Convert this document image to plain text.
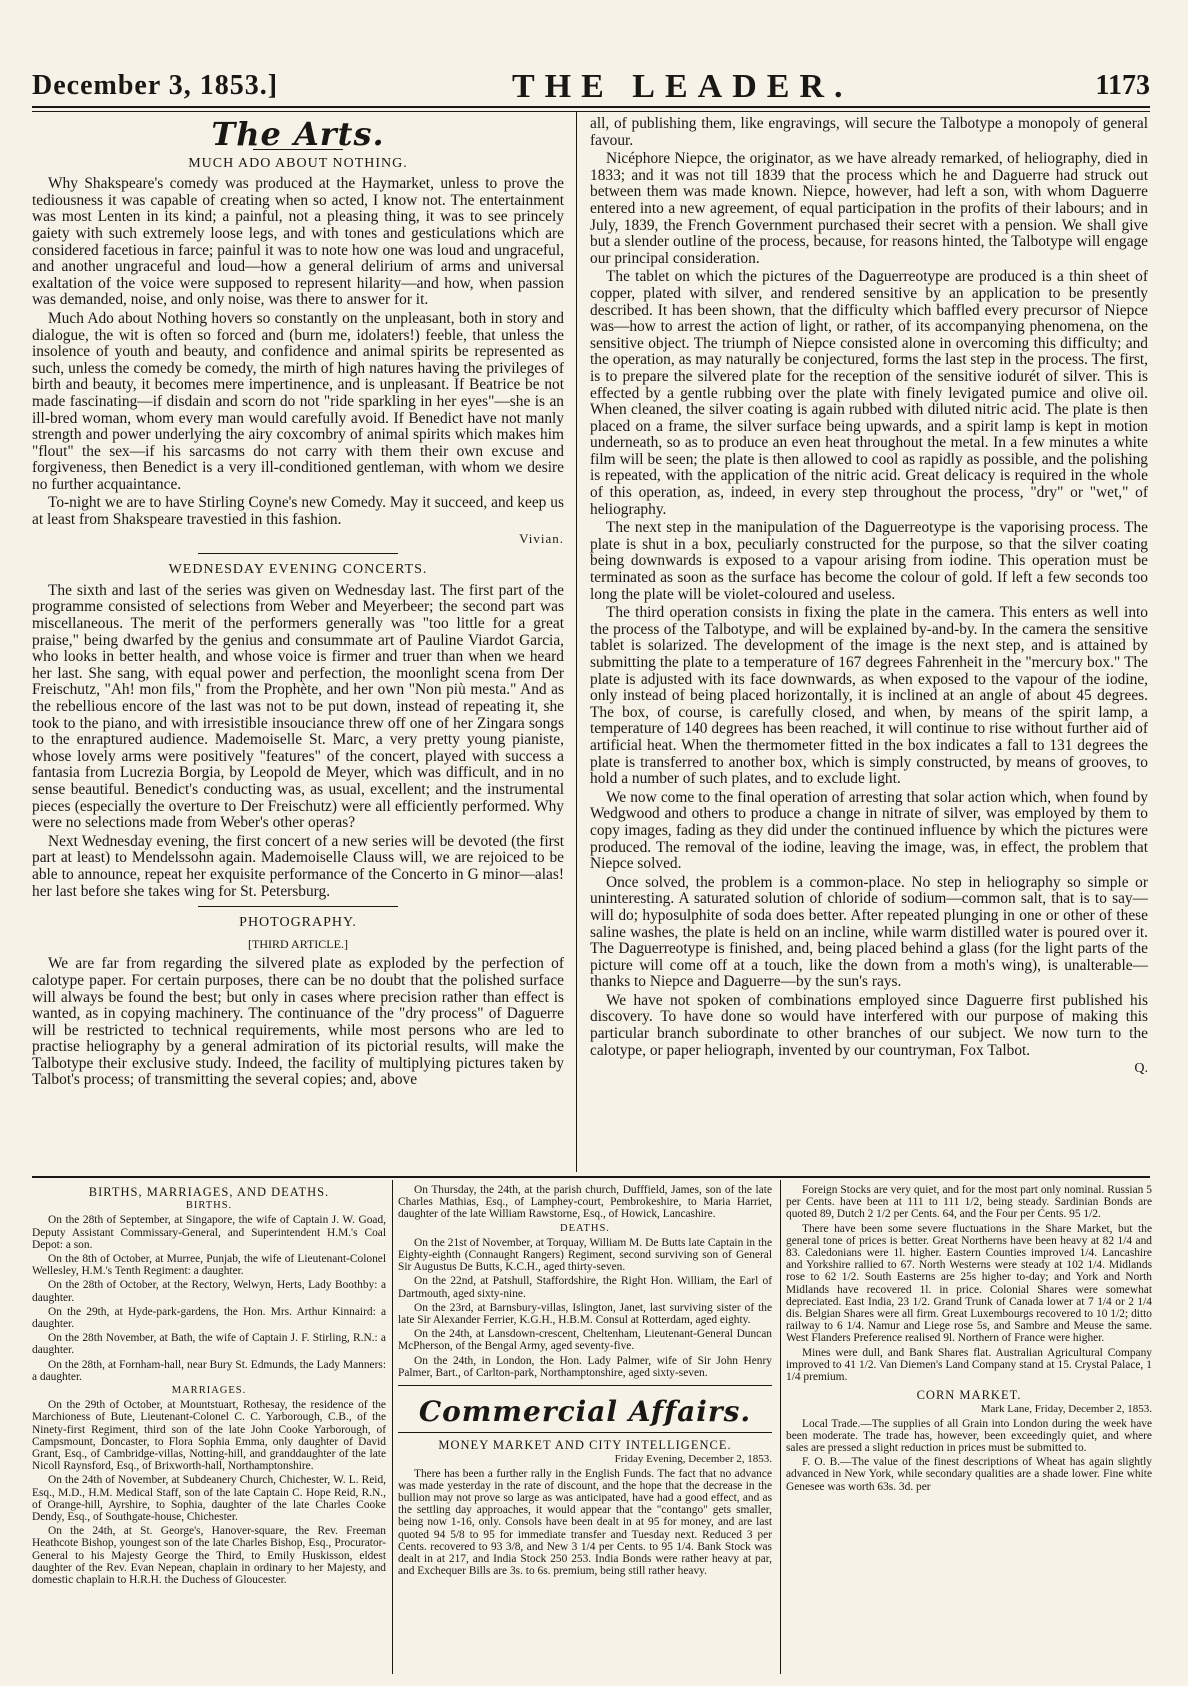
December 3, 1853.]	THE LEADER.	1173
The Arts.
MUCH ADO ABOUT NOTHING.

Why Shakspeare's comedy was produced at the Haymarket, unless to prove the tediousness it was capable of creating when so acted, I know not. The entertainment was most Lenten in its kind; a painful, not a pleasing thing, it was to see princely gaiety with such extremely loose legs, and with tones and gesticulations which are considered facetious in farce; painful it was to note how one was loud and ungraceful, and another ungraceful and loud—how a general delirium of arms and universal exaltation of the voice were supposed to represent hilarity—and how, when passion was demanded, noise, and only noise, was there to answer for it.

Much Ado about Nothing hovers so constantly on the unpleasant, both in story and dialogue, the wit is often so forced and (burn me, idolaters!) feeble, that unless the insolence of youth and beauty, and confidence and animal spirits be represented as such, unless the comedy be comedy, the mirth of high natures having the privileges of birth and beauty, it becomes mere impertinence, and is unpleasant. If Beatrice be not made fascinating—if disdain and scorn do not "ride sparkling in her eyes"—she is an ill-bred woman, whom every man would carefully avoid. If Benedict have not manly strength and power underlying the airy coxcombry of animal spirits which makes him "flout" the sex—if his sarcasms do not carry with them their own excuse and forgiveness, then Benedict is a very ill-conditioned gentleman, with whom we desire no further acquaintance.

To-night we are to have Stirling Coyne's new Comedy. May it succeed, and keep us at least from Shakspeare travestied in this fashion.

Vivian.
WEDNESDAY EVENING CONCERTS.

The sixth and last of the series was given on Wednesday last. The first part of the programme consisted of selections from Weber and Meyerbeer; the second part was miscellaneous. The merit of the performers generally was "too little for a great praise," being dwarfed by the genius and consummate art of Pauline Viardot Garcia, who looks in better health, and whose voice is firmer and truer than when we heard her last. She sang, with equal power and perfection, the moonlight scena from Der Freischutz, "Ah! mon fils," from the Prophète, and her own "Non più mesta." And as the rebellious encore of the last was not to be put down, instead of repeating it, she took to the piano, and with irresistible insouciance threw off one of her Zingara songs to the enraptured audience. Mademoiselle St. Marc, a very pretty young pianiste, whose lovely arms were positively "features" of the concert, played with success a fantasia from Lucrezia Borgia, by Leopold de Meyer, which was difficult, and in no sense beautiful. Benedict's conducting was, as usual, excellent; and the instrumental pieces (especially the overture to Der Freischutz) were all efficiently performed. Why were no selections made from Weber's other operas?

Next Wednesday evening, the first concert of a new series will be devoted (the first part at least) to Mendelssohn again. Mademoiselle Clauss will, we are rejoiced to be able to announce, repeat her exquisite performance of the Concerto in G minor—alas! her last before she takes wing for St. Petersburg.

PHOTOGRAPHY.
[THIRD ARTICLE.]

We are far from regarding the silvered plate as exploded by the perfection of calotype paper. For certain purposes, there can be no doubt that the polished surface will always be found the best; but only in cases where precision rather than effect is wanted, as in copying machinery. The continuance of the "dry process" of Daguerre will be restricted to technical requirements, while most persons who are led to practise heliography by a general admiration of its pictorial results, will make the Talbotype their exclusive study. Indeed, the facility of multiplying pictures taken by Talbot's process; of transmitting the several copies; and, above

all, of publishing them, like engravings, will secure the Talbotype a monopoly of general favour.

Nicéphore Niepce, the originator, as we have already remarked, of heliography, died in 1833; and it was not till 1839 that the process which he and Daguerre had struck out between them was made known. Niepce, however, had left a son, with whom Daguerre entered into a new agreement, of equal participation in the profits of their labours; and in July, 1839, the French Government purchased their secret with a pension. We shall give but a slender outline of the process, because, for reasons hinted, the Talbotype will engage our principal consideration.

The tablet on which the pictures of the Daguerreotype are produced is a thin sheet of copper, plated with silver, and rendered sensitive by an application to be presently described. It has been shown, that the difficulty which baffled every precursor of Niepce was—how to arrest the action of light, or rather, of its accompanying phenomena, on the sensitive object. The triumph of Niepce consisted alone in overcoming this difficulty; and the operation, as may naturally be conjectured, forms the last step in the process. The first, is to prepare the silvered plate for the reception of the sensitive iodurét of silver. This is effected by a gentle rubbing over the plate with finely levigated pumice and olive oil. When cleaned, the silver coating is again rubbed with diluted nitric acid. The plate is then placed on a frame, the silver surface being upwards, and a spirit lamp is kept in motion underneath, so as to produce an even heat throughout the metal. In a few minutes a white film will be seen; the plate is then allowed to cool as rapidly as possible, and the polishing is repeated, with the application of the nitric acid. Great delicacy is required in the whole of this operation, as, indeed, in every step throughout the process, "dry" or "wet," of heliography.

The next step in the manipulation of the Daguerreotype is the vaporising process. The plate is shut in a box, peculiarly constructed for the purpose, so that the silver coating being downwards is exposed to a vapour arising from iodine. This operation must be terminated as soon as the surface has become the colour of gold. If left a few seconds too long the plate will be violet-coloured and useless.

The third operation consists in fixing the plate in the camera. This enters as well into the process of the Talbotype, and will be explained by-and-by. In the camera the sensitive tablet is solarized. The development of the image is the next step, and is attained by submitting the plate to a temperature of 167 degrees Fahrenheit in the "mercury box." The plate is adjusted with its face downwards, as when exposed to the vapour of the iodine, only instead of being placed horizontally, it is inclined at an angle of about 45 degrees. The box, of course, is carefully closed, and when, by means of the spirit lamp, a temperature of 140 degrees has been reached, it will continue to rise without further aid of artificial heat. When the thermometer fitted in the box indicates a fall to 131 degrees the plate is transferred to another box, which is simply constructed, by means of grooves, to hold a number of such plates, and to exclude light.

We now come to the final operation of arresting that solar action which, when found by Wedgwood and others to produce a change in nitrate of silver, was employed by them to copy images, fading as they did under the continued influence by which the pictures were produced. The removal of the iodine, leaving the image, was, in effect, the problem that Niepce solved.

Once solved, the problem is a common-place. No step in heliography so simple or uninteresting. A saturated solution of chloride of sodium—common salt, that is to say—will do; hyposulphite of soda does better. After repeated plunging in one or other of these saline washes, the plate is held on an incline, while warm distilled water is poured over it. The Daguerreotype is finished, and, being placed behind a glass (for the light parts of the picture will come off at a touch, like the down from a moth's wing), is unalterable—thanks to Niepce and Daguerre—by the sun's rays.

We have not spoken of combinations employed since Daguerre first published his discovery. To have done so would have interfered with our purpose of making this particular branch subordinate to other branches of our subject. We now turn to the calotype, or paper heliograph, invented by our countryman, Fox Talbot.

Q.
BIRTHS, MARRIAGES, AND DEATHS.
BIRTHS.

On the 28th of September, at Singapore, the wife of Captain J. W. Goad, Deputy Assistant Commissary-General, and Superintendent H.M.'s Coal Depot: a son.

On the 8th of October, at Murree, Punjab, the wife of Lieutenant-Colonel Wellesley, H.M.'s Tenth Regiment: a daughter.

On the 28th of October, at the Rectory, Welwyn, Herts, Lady Boothby: a daughter.

On the 29th, at Hyde-park-gardens, the Hon. Mrs. Arthur Kinnaird: a daughter.

On the 28th November, at Bath, the wife of Captain J. F. Stirling, R.N.: a daughter.

On the 28th, at Fornham-hall, near Bury St. Edmunds, the Lady Manners: a daughter.

MARRIAGES.

On the 29th of October, at Mountstuart, Rothesay, the residence of the Marchioness of Bute, Lieutenant-Colonel C. C. Yarborough, C.B., of the Ninety-first Regiment, third son of the late John Cooke Yarborough, of Campsmount, Doncaster, to Flora Sophia Emma, only daughter of David Grant, Esq., of Cambridge-villas, Notting-hill, and granddaughter of the late Nicoll Raynsford, Esq., of Brixworth-hall, Northamptonshire.

On the 24th of November, at Subdeanery Church, Chichester, W. L. Reid, Esq., M.D., H.M. Medical Staff, son of the late Captain C. Hope Reid, R.N., of Orange-hill, Ayrshire, to Sophia, daughter of the late Charles Cooke Dendy, Esq., of Southgate-house, Chichester.

On the 24th, at St. George's, Hanover-square, the Rev. Freeman Heathcote Bishop, youngest son of the late Charles Bishop, Esq., Procurator-General to his Majesty George the Third, to Emily Huskisson, eldest daughter of the Rev. Evan Nepean, chaplain in ordinary to her Majesty, and domestic chaplain to H.R.H. the Duchess of Gloucester.

On Thursday, the 24th, at the parish church, Dufffield, James, son of the late Charles Mathias, Esq., of Lamphey-court, Pembrokeshire, to Maria Harriet, daughter of the late William Rawstorne, Esq., of Howick, Lancashire.

DEATHS.

On the 21st of November, at Torquay, William M. De Butts late Captain in the Eighty-eighth (Connaught Rangers) Regiment, second surviving son of General Sir Augustus De Butts, K.C.H., aged thirty-seven.

On the 22nd, at Patshull, Staffordshire, the Right Hon. William, the Earl of Dartmouth, aged sixty-nine.

On the 23rd, at Barnsbury-villas, Islington, Janet, last surviving sister of the late Sir Alexander Ferrier, K.G.H., H.B.M. Consul at Rotterdam, aged eighty.

On the 24th, at Lansdown-crescent, Cheltenham, Lieutenant-General Duncan McPherson, of the Bengal Army, aged seventy-five.

On the 24th, in London, the Hon. Lady Palmer, wife of Sir John Henry Palmer, Bart., of Carlton-park, Northamptonshire, aged sixty-seven.

Commercial Affairs.
MONEY MARKET AND CITY INTELLIGENCE.
Friday Evening, December 2, 1853.

There has been a further rally in the English Funds. The fact that no advance was made yesterday in the rate of discount, and the hope that the decrease in the bullion may not prove so large as was anticipated, have had a good effect, and as the settling day approaches, it would appear that the "contango" gets smaller, being now 1-16, only. Consols have been dealt in at 95 for money, and are last quoted 94 5/8 to 95 for immediate transfer and Tuesday next. Reduced 3 per Cents. recovered to 93 3/8, and New 3 1/4 per Cents. to 95 1/4. Bank Stock was dealt in at 217, and India Stock 250 253. India Bonds were rather heavy at par, and Exchequer Bills are 3s. to 6s. premium, being still rather heavy.

Foreign Stocks are very quiet, and for the most part only nominal. Russian 5 per Cents. have been at 111 to 111 1/2, being steady. Sardinian Bonds are quoted 89, Dutch 2 1/2 per Cents. 64, and the Four per Cents. 95 1/2.

There have been some severe fluctuations in the Share Market, but the general tone of prices is better. Great Northerns have been heavy at 82 1/4 and 83. Caledonians were 1l. higher. Eastern Counties improved 1/4. Lancashire and Yorkshire rallied to 67. North Westerns were steady at 102 1/4. Midlands rose to 62 1/2. South Easterns are 25s higher to-day; and York and North Midlands have recovered 1l. in price. Colonial Shares were somewhat depreciated. East India, 23 1/2. Grand Trunk of Canada lower at 7 1/4 or 2 1/4 dis. Belgian Shares were all firm. Great Luxembourgs recovered to 10 1/2; ditto railway to 6 1/4. Namur and Liege rose 5s, and Sambre and Meuse the same. West Flanders Preference realised 9l. Northern of France were higher.

Mines were dull, and Bank Shares flat. Australian Agricultural Company improved to 41 1/2. Van Diemen's Land Company stand at 15. Crystal Palace, 1 1/4 premium.

CORN MARKET.
Mark Lane, Friday, December 2, 1853.

Local Trade.—The supplies of all Grain into London during the week have been moderate. The trade has, however, been exceedingly quiet, and where sales are pressed a slight reduction in prices must be submitted to.

F. O. B.—The value of the finest descriptions of Wheat has again slightly advanced in New York, while secondary qualities are a shade lower. Fine white Genesee was worth 63s. 3d. per
